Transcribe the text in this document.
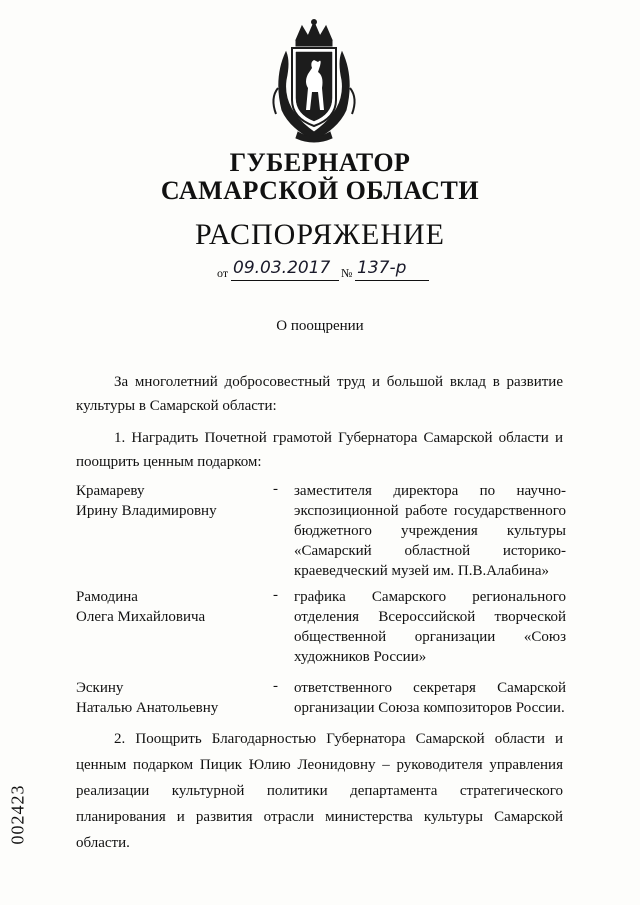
ГУБЕРНАТОР
САМАРСКОЙ ОБЛАСТИ
РАСПОРЯЖЕНИЕ
от 09.03.2017 № 137-р
О поощрении
За многолетний добросовестный труд и большой вклад в развитие культуры в Самарской области:
1. Наградить Почетной грамотой Губернатора Самарской области и поощрить ценным подарком:
Крамареву
Ирину Владимировну
- заместителя директора по научно-экспозиционной работе государственного бюджетного учреждения культуры «Самарский областной историко-краеведческий музей им. П.В.Алабина»
Рамодина
Олега Михайловича
- графика Самарского регионального отделения Всероссийской творческой общественной организации «Союз художников России»
Эскину
Наталью Анатольевну
- ответственного секретаря Самарской организации Союза композиторов России.
2. Поощрить Благодарностью Губернатора Самарской области и ценным подарком Пицик Юлию Леонидовну – руководителя управления реализации культурной политики департамента стратегического планирования и развития отрасли министерства культуры Самарской области.
002423
